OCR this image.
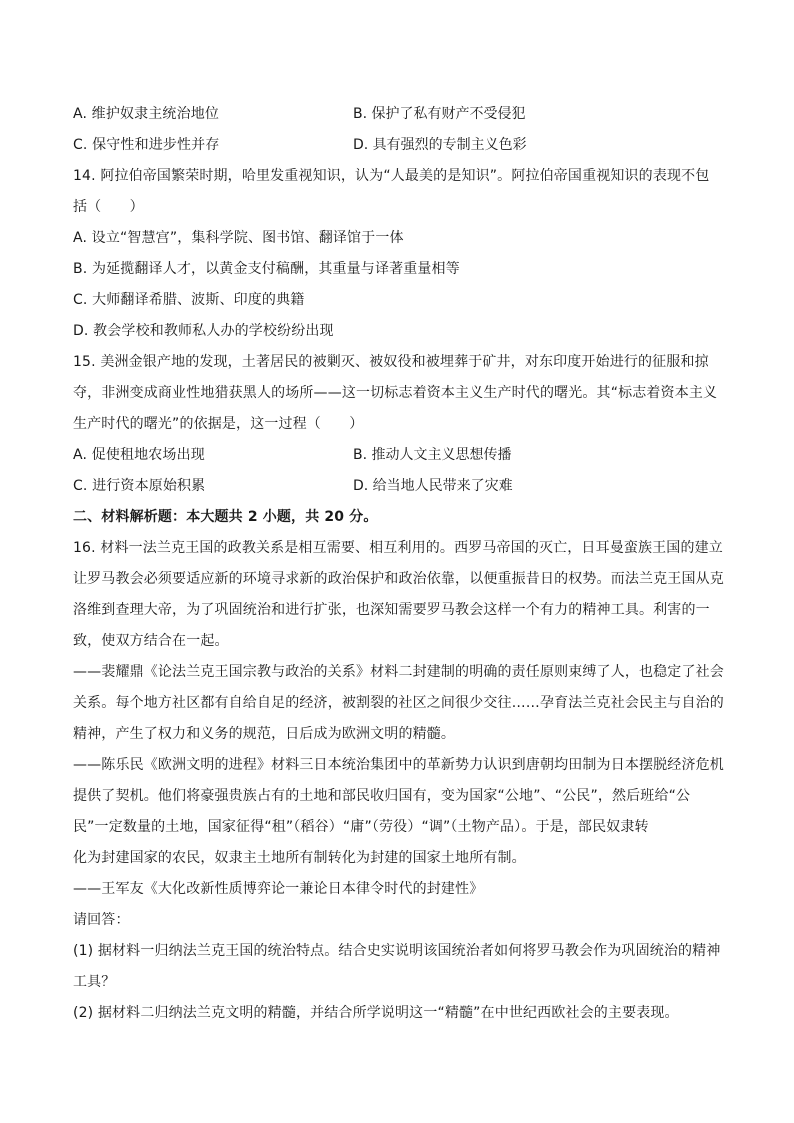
A. 维护奴隶主统治地位	B. 保护了私有财产不受侵犯
C. 保守性和进步性并存	D. 具有强烈的专制主义色彩
14. 阿拉伯帝国繁荣时期，哈里发重视知识，认为“人最美的是知识”。阿拉伯帝国重视知识的表现不包
括（　　）
A. 设立“智慧宫”，集科学院、图书馆、翻译馆于一体
B. 为延揽翻译人才，以黄金支付稿酬，其重量与译著重量相等
C. 大师翻译希腊、波斯、印度的典籍
D. 教会学校和教师私人办的学校纷纷出现
15. 美洲金银产地的发现，土著居民的被剿灭、被奴役和被埋葬于矿井，对东印度开始进行的征服和掠
夺，非洲变成商业性地猎获黑人的场所——这一切标志着资本主义生产时代的曙光。其“标志着资本主义
生产时代的曙光”的依据是，这一过程（　　）
A. 促使租地农场出现	B. 推动人文主义思想传播
C. 进行资本原始积累	D. 给当地人民带来了灾难
二、材料解析题：本大题共 2 小题，共 20 分。
16. 材料一法兰克王国的政教关系是相互需要、相互利用的。西罗马帝国的灭亡，日耳曼蛮族王国的建立
让罗马教会必须要适应新的环境寻求新的政治保护和政治依靠，以便重振昔日的权势。而法兰克王国从克
洛维到查理大帝，为了巩固统治和进行扩张，也深知需要罗马教会这样一个有力的精神工具。利害的一
致，使双方结合在一起。
——裴耀鼎《论法兰克王国宗教与政治的关系》材料二封建制的明确的责任原则束缚了人，也稳定了社会
关系。每个地方社区都有自给自足的经济，被割裂的社区之间很少交往……孕育法兰克社会民主与自治的
精神，产生了权力和义务的规范，日后成为欧洲文明的精髓。
——陈乐民《欧洲文明的进程》材料三日本统治集团中的革新势力认识到唐朝均田制为日本摆脱经济危机
提供了契机。他们将豪强贵族占有的土地和部民收归国有，变为国家“公地”、“公民”，然后班给“公
民”一定数量的土地，国家征得“租”（稻谷）“庸”（劳役）“调”（土物产品）。于是，部民奴隶转
化为封建国家的农民，奴隶主土地所有制转化为封建的国家土地所有制。
——王军友《大化改新性质博弈论一兼论日本律令时代的封建性》
请回答：
(1) 据材料一归纳法兰克王国的统治特点。结合史实说明该国统治者如何将罗马教会作为巩固统治的精神
工具？
(2) 据材料二归纳法兰克文明的精髓，并结合所学说明这一“精髓”在中世纪西欧社会的主要表现。
